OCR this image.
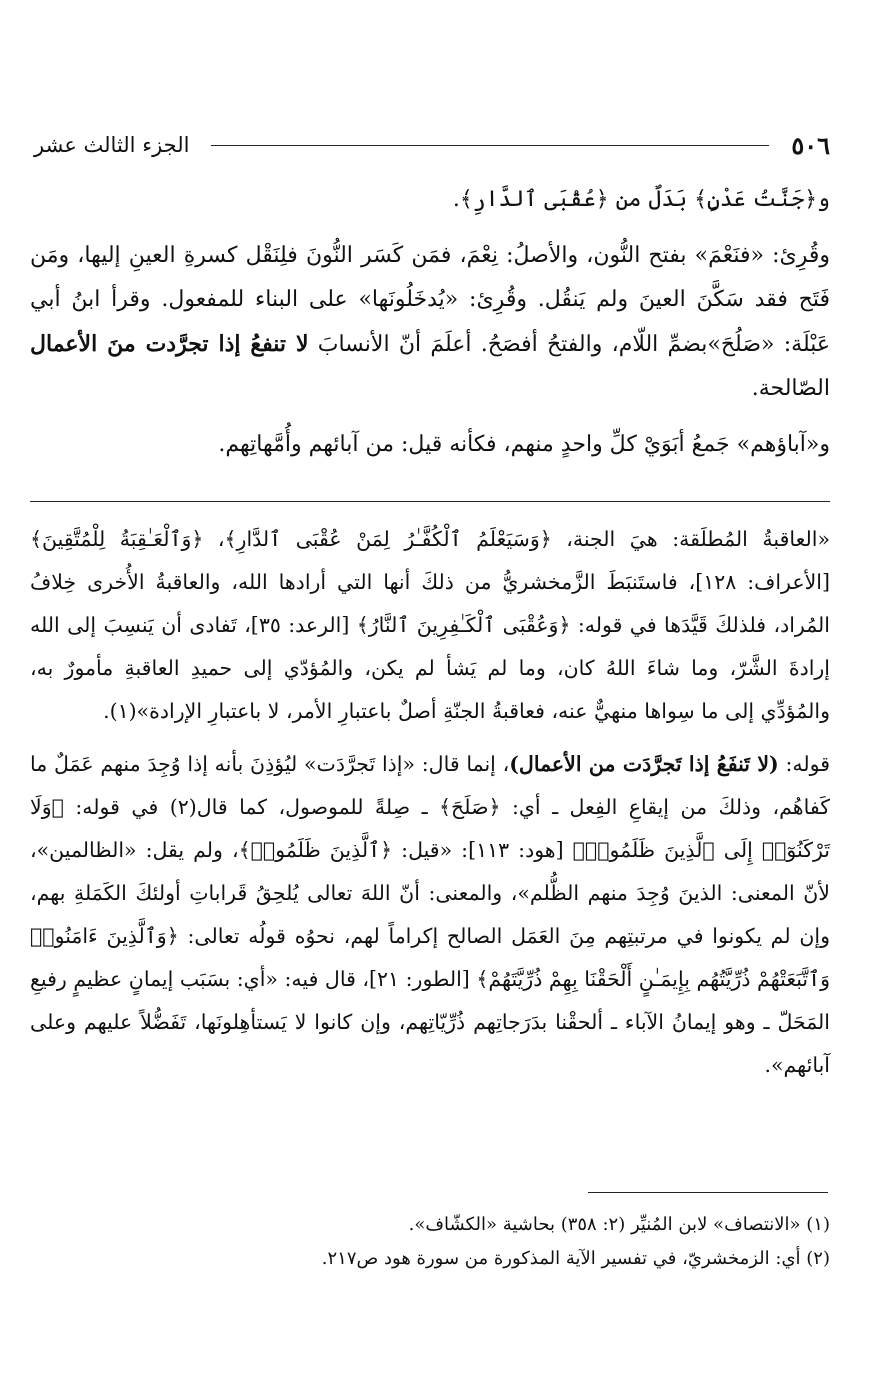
٥٠٦
الجزء الثالث عشر

و﴿جَنَّتُ عَدْنٍ﴾ بَدَلٌ من ﴿عُقْبَى ٱلدَّارِ﴾.

وقُرِئ: «فنَعْمَ» بفتح النُّون، والأصلُ: نِعْمَ، فمَن كَسَر النُّونَ فلِنَقْل كسرةِ العينِ إليها، ومَن فَتَح فقد سَكَّنَ العينَ ولم يَنقُل. وقُرِئ: «يُدخَلُونَها» على البناء للمفعول. وقرأ ابنُ أبي عَبْلَة: «صَلُحَ»بضمِّ اللّام، والفتحُ أفصَحُ. أعلَمَ أنّ الأنسابَ لا تنفعُ إذا تجرَّدت منَ الأعمال الصّالحة.

و«آباؤهم» جَمعُ أبَوَيْ كلِّ واحدٍ منهم، فكأنه قيل: من آبائهم وأُمَّهاتِهم.

«العاقبةُ المُطلَقة: هيَ الجنة، ﴿وَسَيَعْلَمُ ٱلْكُفَّـٰرُ لِمَنْ عُقْبَى ٱلدَّارِ﴾، ﴿وَٱلْعَـٰقِبَةُ لِلْمُتَّقِينَ﴾ [الأعراف: ١٢٨]، فاستَنبَطَ الزَّمخشريُّ من ذلكَ أنها التي أرادها الله، والعاقبةُ الأُخرى خِلافُ المُراد، فلذلكَ قَيَّدَها في قوله: ﴿وَعُقْبَى ٱلْكَـٰفِرِينَ ٱلنَّارُ﴾ [الرعد: ٣٥]، تَفادى أن يَنسِبَ إلى الله إرادةَ الشَّرّ، وما شاءَ اللهُ كان، وما لم يَشأ لم يكن، والمُؤدّي إلى حميدِ العاقبةِ مأمورٌ به، والمُؤدِّي إلى ما سِواها منهيٌّ عنه، فعاقبةُ الجنّةِ أصلٌ باعتبارِ الأمر، لا باعتبارِ الإرادة»(١).

قوله: (لا تَنفَعُ إذا تَجرَّدَت من الأعمال)، إنما قال: «إذا تَجرَّدَت» ليُؤذِنَ بأنه إذا وُجِدَ منهم عَمَلٌ ما كَفاهُم، وذلكَ من إيقاعِ الفِعل ـ أي: ﴿صَلَحَ﴾ ـ صِلةً للموصول، كما قال(٢) في قوله: ﴿وَلَا تَرْكَنُوٓا۟ إِلَى ٱلَّذِينَ ظَلَمُوا۟﴾ [هود: ١١٣]: «قيل: ﴿ٱلَّذِينَ ظَلَمُوا۟﴾، ولم يقل: «الظالمين»، لأنّ المعنى: الذينَ وُجِدَ منهم الظُّلم»، والمعنى: أنّ اللهَ تعالى يُلحِقُ قَراباتِ أولئكَ الكَمَلةِ بهم، وإن لم يكونوا في مرتبتِهم مِنَ العَمَل الصالح إكراماً لهم، نحوُه قولُه تعالى: ﴿وَٱلَّذِينَ ءَامَنُوا۟ وَٱتَّبَعَتْهُمْ ذُرِّيَّتُهُم بِإِيمَـٰنٍ أَلْحَقْنَا بِهِمْ ذُرِّيَّتَهُمْ﴾ [الطور: ٢١]، قال فيه: «أي: بسَبَب إيمانٍ عظيمٍ رفيعِ المَحَلّ ـ وهو إيمانُ الآباء ـ ألحقْنا بدَرَجاتِهم ذُرِّيّاتِهم، وإن كانوا لا يَستأهِلونَها، تَفَضُّلاً عليهم وعلى آبائهم».

(١) «الانتصاف» لابن المُنيِّر (٢: ٣٥٨) بحاشية «الكشّاف».

(٢) أي: الزمخشريّ، في تفسير الآية المذكورة من سورة هود ص٢١٧.
